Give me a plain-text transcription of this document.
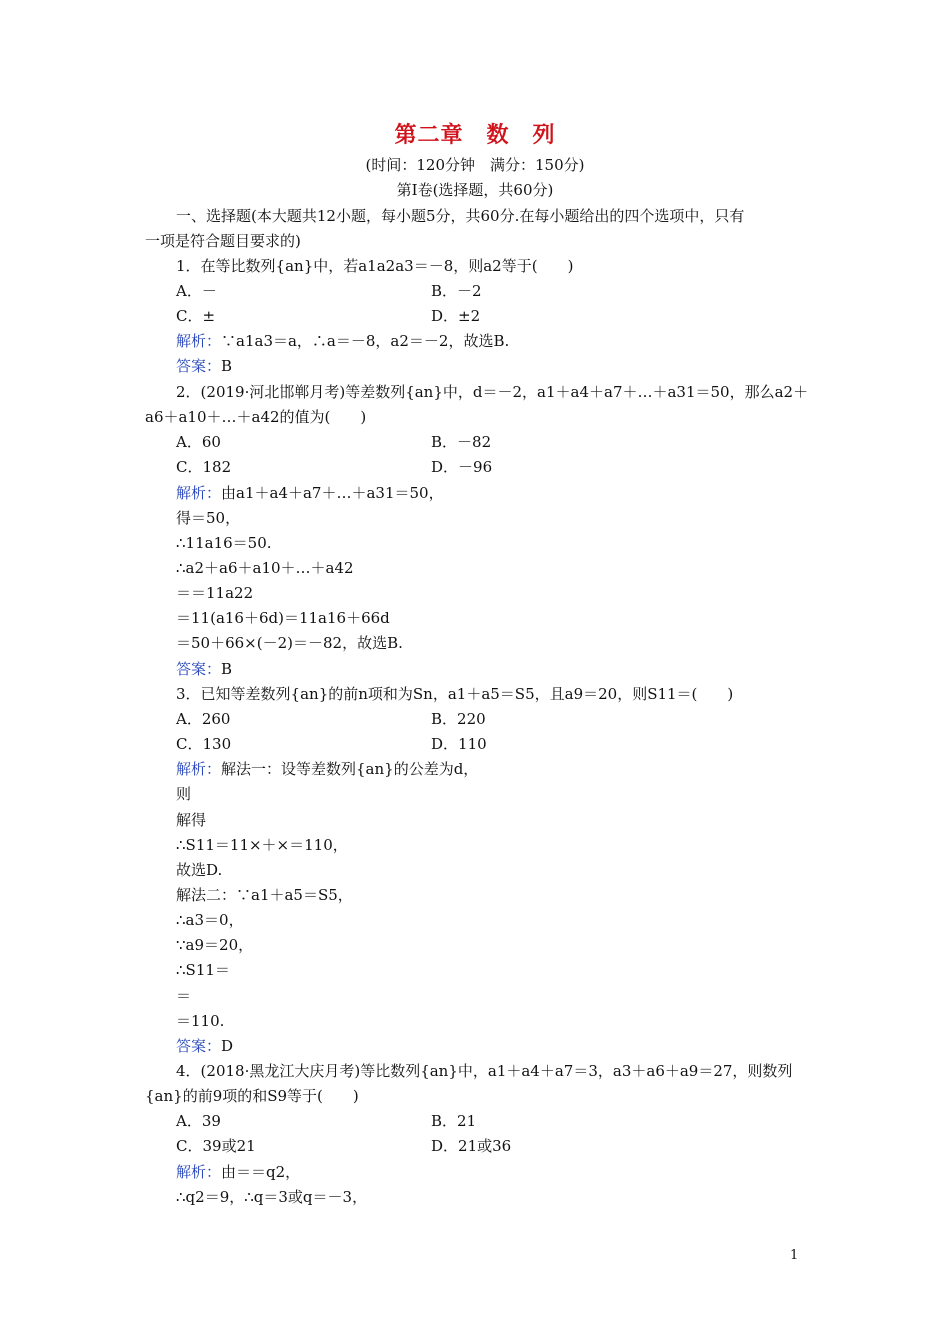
第二章　数　列
(时间：120分钟　满分：150分)
第Ⅰ卷(选择题，共60分)
一、选择题(本大题共12小题，每小题5分，共60分.在每小题给出的四个选项中，只有
一项是符合题目要求的)
1．在等比数列{an}中，若a1a2a3＝－8，则a2等于(　　)
A．－	B．－2
C．±	D．±2
解析：∵a1a3＝a，∴a＝－8，a2＝－2，故选B.
答案：B
2．(2019·河北邯郸月考)等差数列{an}中，d＝－2，a1＋a4＋a7＋…＋a31＝50，那么a2＋
a6＋a10＋…＋a42的值为(　　)
A．60	B．－82
C．182	D．－96
解析：由a1＋a4＋a7＋…＋a31＝50，
得＝50，
∴11a16＝50.
∴a2＋a6＋a10＋…＋a42
＝＝11a22
＝11(a16＋6d)＝11a16＋66d
＝50＋66×(－2)＝－82，故选B.
答案：B
3．已知等差数列{an}的前n项和为Sn，a1＋a5＝S5，且a9＝20，则S11＝(　　)
A．260	B．220
C．130	D．110
解析：解法一：设等差数列{an}的公差为d，
则
解得
∴S11＝11×＋×＝110，
故选D.
解法二：∵a1＋a5＝S5，
∴a3＝0，
∵a9＝20，
∴S11＝
＝
＝110.
答案：D
4．(2018·黑龙江大庆月考)等比数列{an}中，a1＋a4＋a7＝3，a3＋a6＋a9＝27，则数列
{an}的前9项的和S9等于(　　)
A．39	B．21
C．39或21	D．21或36
解析：由＝＝q2，
∴q2＝9，∴q＝3或q＝－3，
1
